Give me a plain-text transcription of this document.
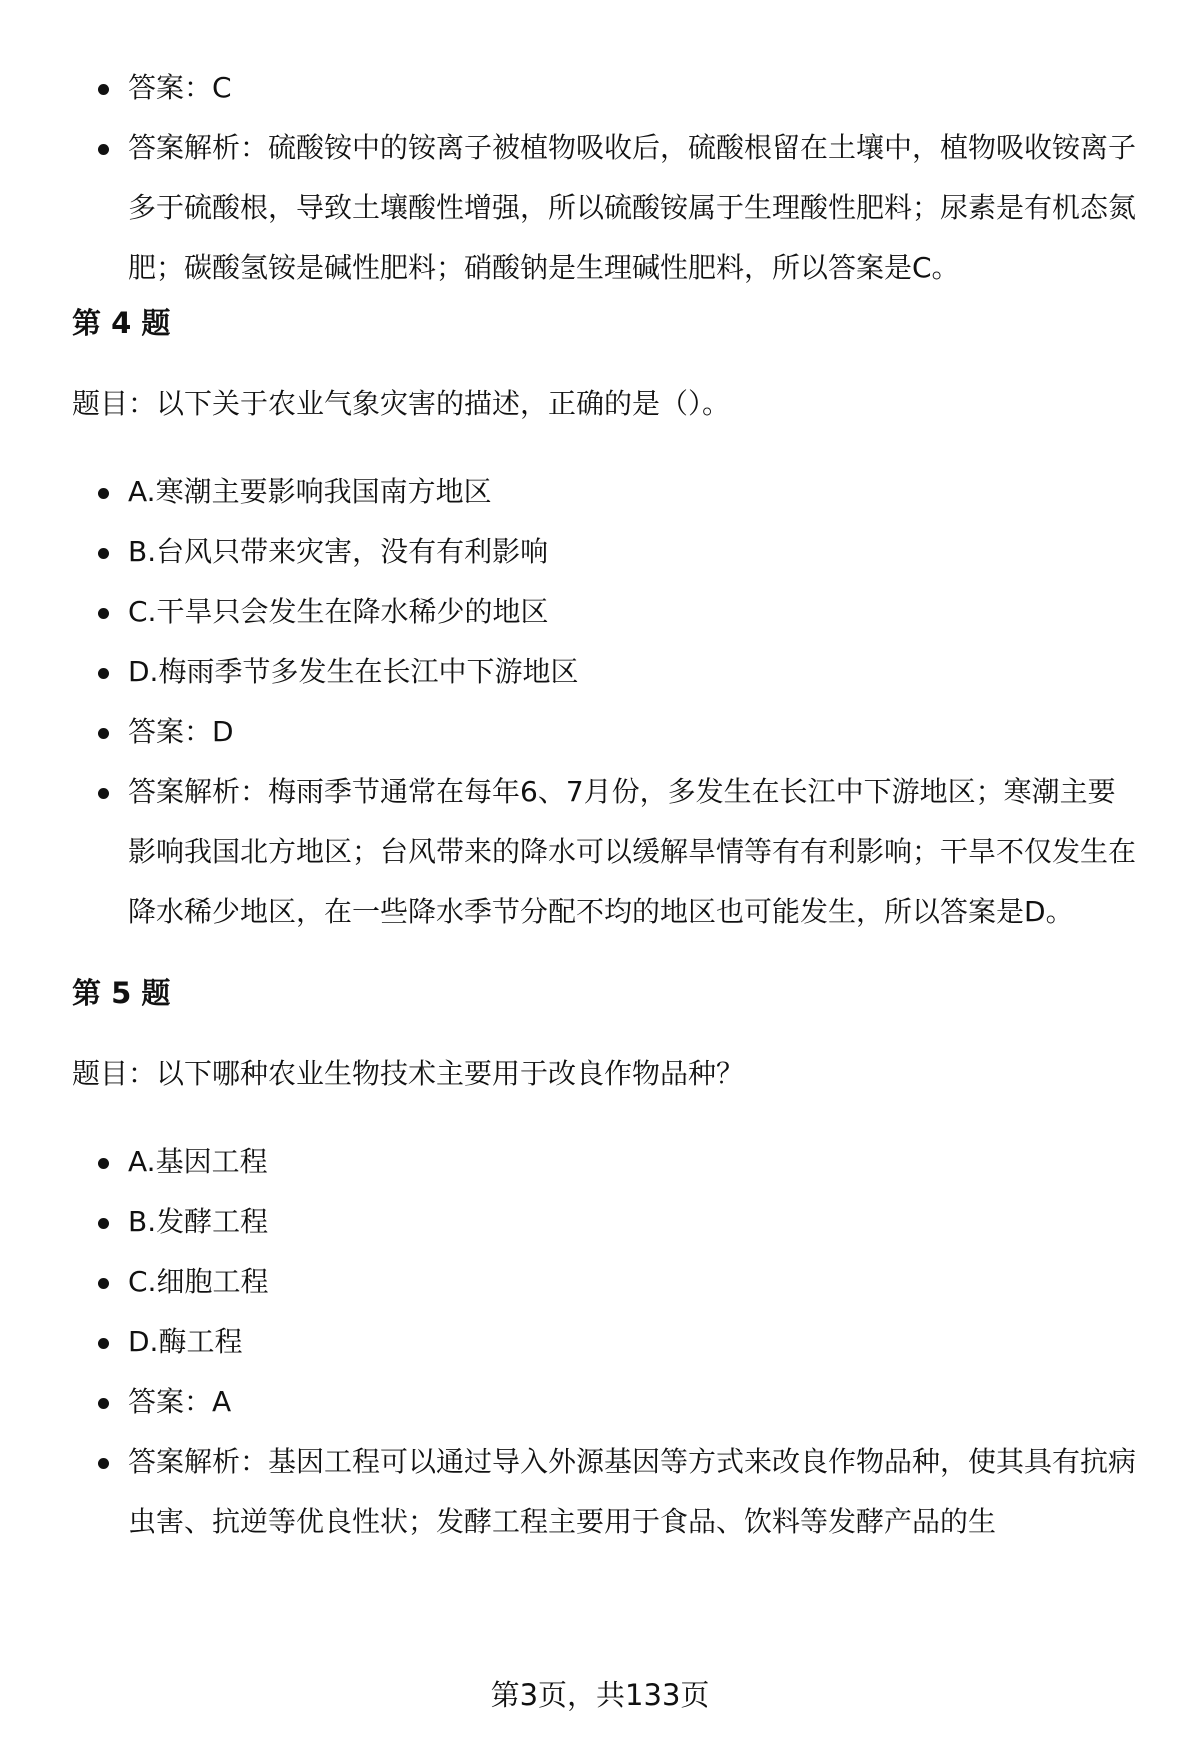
答案：C
答案解析：硫酸铵中的铵离子被植物吸收后，硫酸根留在土壤中，植物吸收铵离子多于硫酸根，导致土壤酸性增强，所以硫酸铵属于生理酸性肥料；尿素是有机态氮肥；碳酸氢铵是碱性肥料；硝酸钠是生理碱性肥料，所以答案是C。
第 4 题
题目：以下关于农业气象灾害的描述，正确的是（）。
A.寒潮主要影响我国南方地区
B.台风只带来灾害，没有有利影响
C.干旱只会发生在降水稀少的地区
D.梅雨季节多发生在长江中下游地区
答案：D
答案解析：梅雨季节通常在每年6、7月份，多发生在长江中下游地区；寒潮主要影响我国北方地区；台风带来的降水可以缓解旱情等有有利影响；干旱不仅发生在降水稀少地区，在一些降水季节分配不均的地区也可能发生，所以答案是D。
第 5 题
题目：以下哪种农业生物技术主要用于改良作物品种？
A.基因工程
B.发酵工程
C.细胞工程
D.酶工程
答案：A
答案解析：基因工程可以通过导入外源基因等方式来改良作物品种，使其具有抗病虫害、抗逆等优良性状；发酵工程主要用于食品、饮料等发酵产品的生
第3页，共133页
